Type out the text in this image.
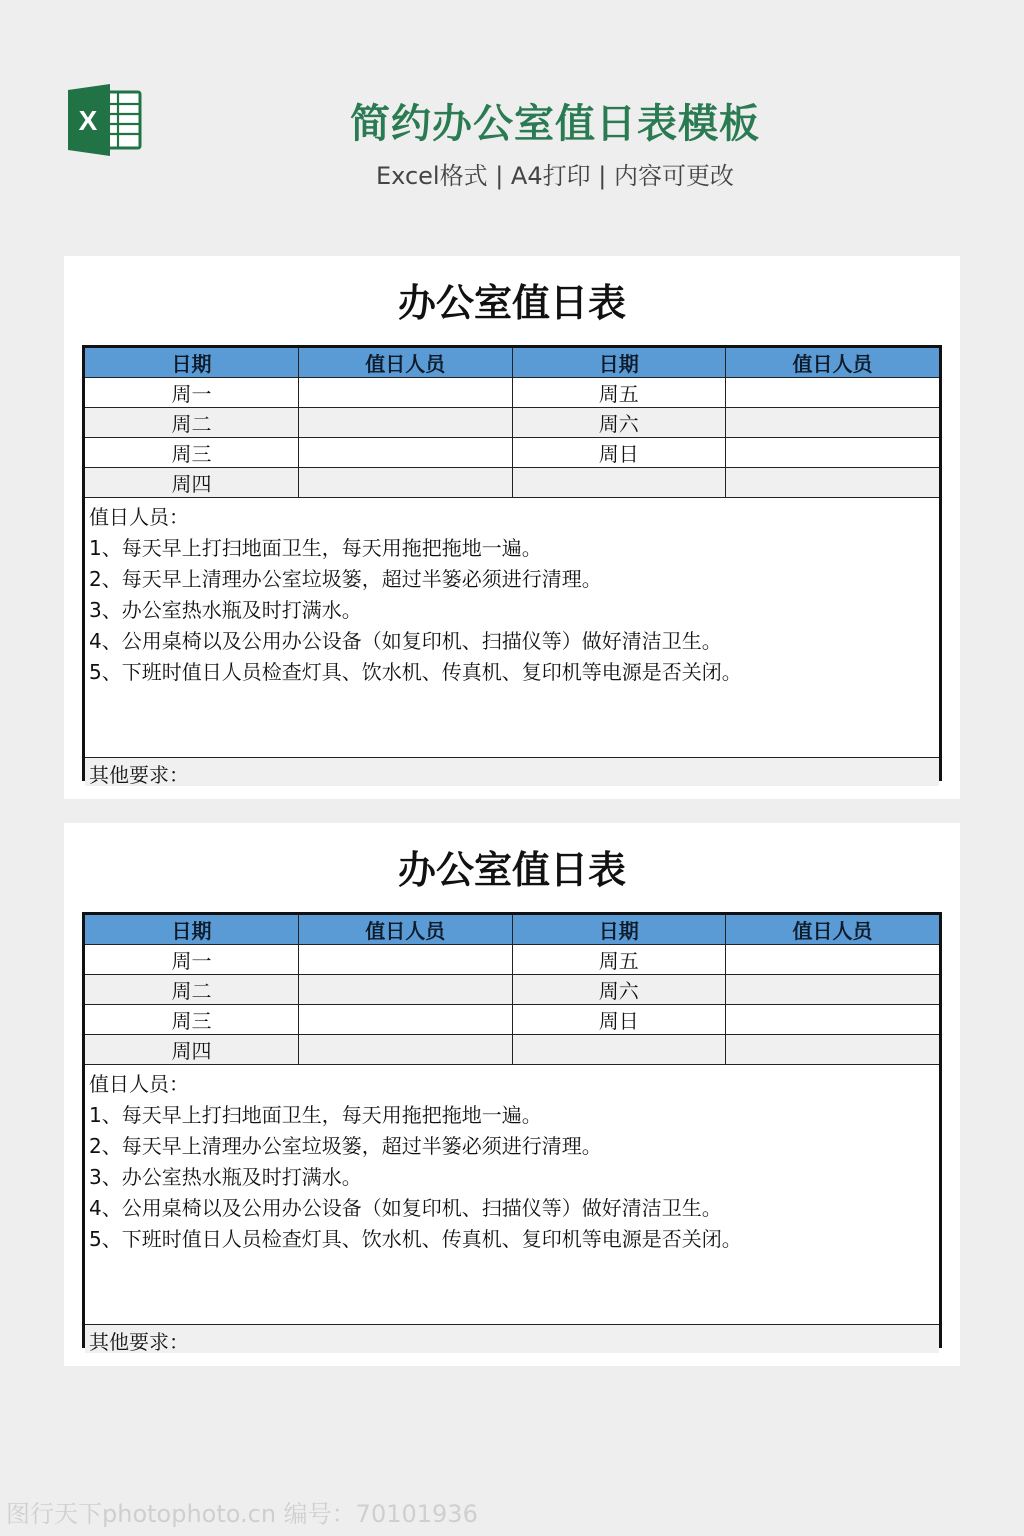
X	简约办公室值日表模板
Excel格式 | A4打印 | 内容可更改
办公室值日表
日期	值日人员	日期	值日人员
周一		周五	
周二		周六	
周三		周日	
周四			
值日人员：
1、每天早上打扫地面卫生，每天用拖把拖地一遍。
2、每天早上清理办公室垃圾篓，超过半篓必须进行清理。
3、办公室热水瓶及时打满水。
4、公用桌椅以及公用办公设备（如复印机、扫描仪等）做好清洁卫生。
5、下班时值日人员检查灯具、饮水机、传真机、复印机等电源是否关闭。
其他要求：
办公室值日表
日期	值日人员	日期	值日人员
周一		周五	
周二		周六	
周三		周日	
周四			
值日人员：
1、每天早上打扫地面卫生，每天用拖把拖地一遍。
2、每天早上清理办公室垃圾篓，超过半篓必须进行清理。
3、办公室热水瓶及时打满水。
4、公用桌椅以及公用办公设备（如复印机、扫描仪等）做好清洁卫生。
5、下班时值日人员检查灯具、饮水机、传真机、复印机等电源是否关闭。
其他要求：
图行天下photophoto.cn 编号：70101936
